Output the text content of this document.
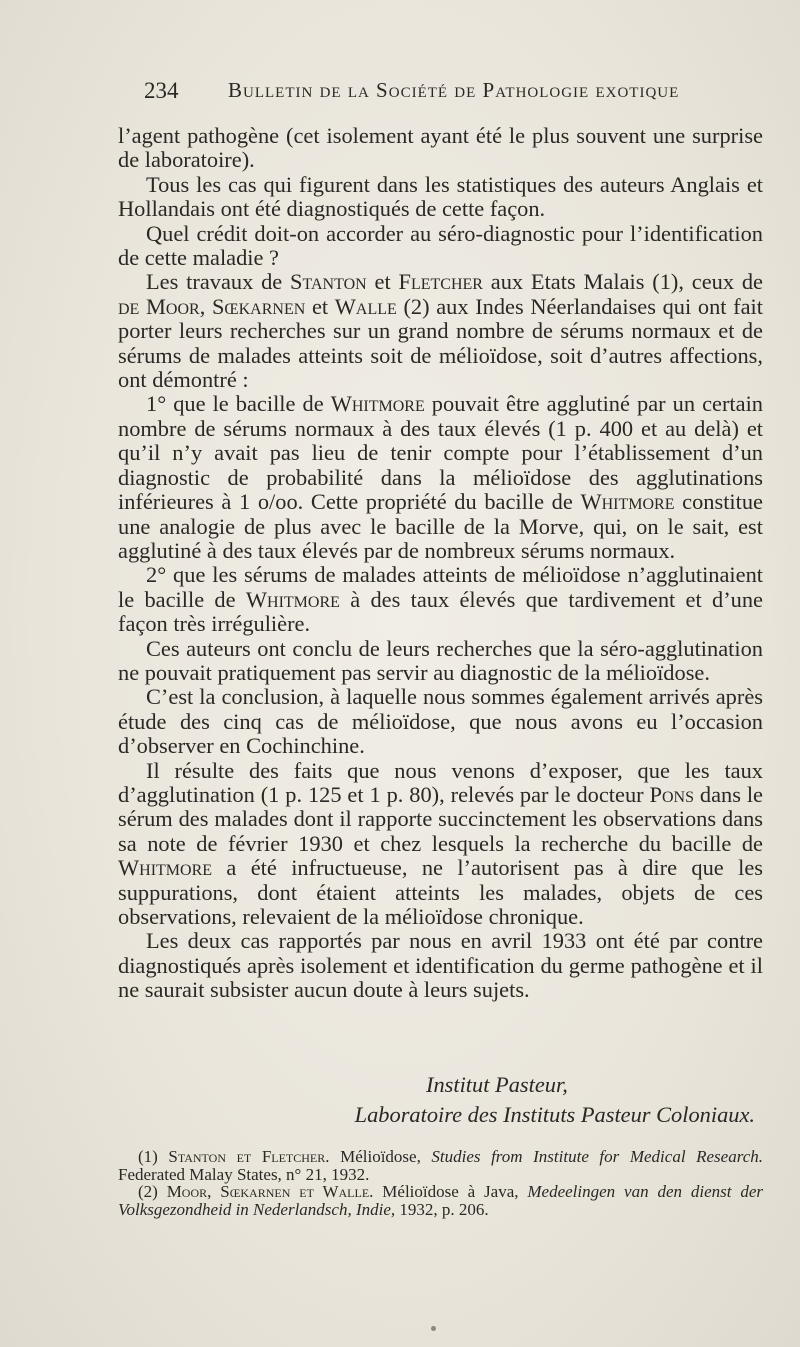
234 Bulletin de la Société de Pathologie exotique

l’agent pathogène (cet isolement ayant été le plus souvent une surprise de laboratoire).

Tous les cas qui figurent dans les statistiques des auteurs Anglais et Hollandais ont été diagnostiqués de cette façon.

Quel crédit doit-on accorder au séro-diagnostic pour l’identification de cette maladie ?

Les travaux de Stanton et Fletcher aux Etats Malais (1), ceux de de Moor, Sœkarnen et Walle (2) aux Indes Néerlandaises qui ont fait porter leurs recherches sur un grand nombre de sérums normaux et de sérums de malades atteints soit de mélioïdose, soit d’autres affections, ont démontré :

1° que le bacille de Whitmore pouvait être agglutiné par un certain nombre de sérums normaux à des taux élevés (1 p. 400 et au delà) et qu’il n’y avait pas lieu de tenir compte pour l’établissement d’un diagnostic de probabilité dans la mélioïdose des agglutinations inférieures à 1 o/oo. Cette propriété du bacille de Whitmore constitue une analogie de plus avec le bacille de la Morve, qui, on le sait, est agglutiné à des taux élevés par de nombreux sérums normaux.

2° que les sérums de malades atteints de mélioïdose n’agglutinaient le bacille de Whitmore à des taux élevés que tardivement et d’une façon très irrégulière.

Ces auteurs ont conclu de leurs recherches que la séro-agglutination ne pouvait pratiquement pas servir au diagnostic de la mélioïdose.

C’est la conclusion, à laquelle nous sommes également arrivés après étude des cinq cas de mélioïdose, que nous avons eu l’occasion d’observer en Cochinchine.

Il résulte des faits que nous venons d’exposer, que les taux d’agglutination (1 p. 125 et 1 p. 80), relevés par le docteur Pons dans le sérum des malades dont il rapporte succinctement les observations dans sa note de février 1930 et chez lesquels la recherche du bacille de Whitmore a été infructueuse, ne l’autorisent pas à dire que les suppurations, dont étaient atteints les malades, objets de ces observations, relevaient de la mélioïdose chronique.

Les deux cas rapportés par nous en avril 1933 ont été par contre diagnostiqués après isolement et identification du germe pathogène et il ne saurait subsister aucun doute à leurs sujets.

Institut Pasteur,
Laboratoire des Instituts Pasteur Coloniaux.

(1) Stanton et Fletcher. Mélioïdose, Studies from Institute for Medical Research. Federated Malay States, n° 21, 1932.

(2) Moor, Sœkarnen et Walle. Mélioïdose à Java, Medeelingen van den dienst der Volksgezondheid in Nederlandsch, Indie, 1932, p. 206.
